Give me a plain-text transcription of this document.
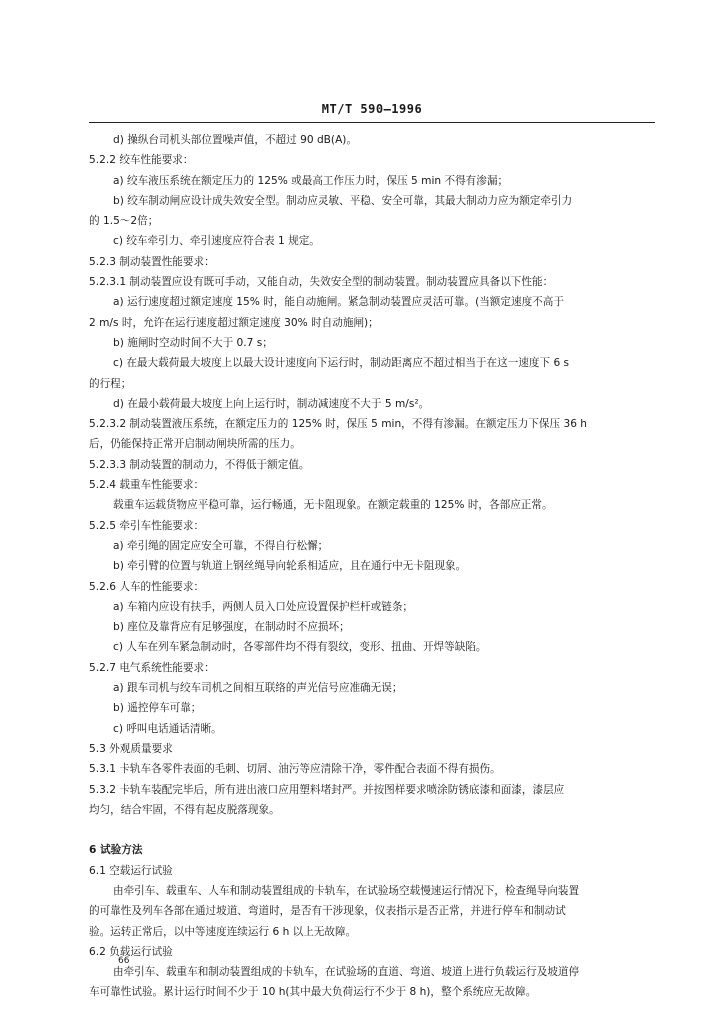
MT/T 590—1996
d) 操纵台司机头部位置噪声值，不超过 90 dB(A)。
5.2.2 绞车性能要求：
a) 绞车液压系统在额定压力的 125% 或最高工作压力时，保压 5 min 不得有渗漏；
b) 绞车制动闸应设计成失效安全型。制动应灵敏、平稳、安全可靠，其最大制动力应为额定牵引力
的 1.5～2倍；
c) 绞车牵引力、牵引速度应符合表 1 规定。
5.2.3 制动装置性能要求：
5.2.3.1 制动装置应设有既可手动，又能自动，失效安全型的制动装置。制动装置应具备以下性能：
a) 运行速度超过额定速度 15% 时，能自动施闸。紧急制动装置应灵活可靠。(当额定速度不高于
2 m/s 时，允许在运行速度超过额定速度 30% 时自动施闸)；
b) 施闸时空动时间不大于 0.7 s；
c) 在最大载荷最大坡度上以最大设计速度向下运行时，制动距离应不超过相当于在这一速度下 6 s
的行程；
d) 在最小载荷最大坡度上向上运行时，制动减速度不大于 5 m/s²。
5.2.3.2 制动装置液压系统，在额定压力的 125% 时，保压 5 min，不得有渗漏。在额定压力下保压 36 h
后，仍能保持正常开启制动闸块所需的压力。
5.2.3.3 制动装置的制动力，不得低于额定值。
5.2.4 载重车性能要求：
载重车运载货物应平稳可靠，运行畅通，无卡阻现象。在额定载重的 125% 时，各部应正常。
5.2.5 牵引车性能要求：
a) 牵引绳的固定应安全可靠，不得自行松懈；
b) 牵引臂的位置与轨道上钢丝绳导向轮系相适应，且在通行中无卡阻现象。
5.2.6 人车的性能要求：
a) 车箱内应设有扶手，两侧人员入口处应设置保护栏杆或链条；
b) 座位及靠背应有足够强度，在制动时不应损坏；
c) 人车在列车紧急制动时，各零部件均不得有裂纹，变形、扭曲、开焊等缺陷。
5.2.7 电气系统性能要求：
a) 跟车司机与绞车司机之间相互联络的声光信号应准确无误；
b) 遥控停车可靠；
c) 呼叫电话通话清晰。
5.3 外观质量要求
5.3.1 卡轨车各零件表面的毛刺、切屑、油污等应清除干净，零件配合表面不得有损伤。
5.3.2 卡轨车装配完毕后，所有进出液口应用塑料堵封严。并按图样要求喷涂防锈底漆和面漆，漆层应
均匀，结合牢固，不得有起皮脱落现象。
6 试验方法
6.1 空载运行试验
由牵引车、载重车、人车和制动装置组成的卡轨车，在试验场空载慢速运行情况下，检查绳导向装置
的可靠性及列车各部在通过坡道、弯道时，是否有干涉现象，仪表指示是否正常，并进行停车和制动试
验。运转正常后，以中等速度连续运行 6 h 以上无故障。
6.2 负载运行试验
由牵引车、载重车和制动装置组成的卡轨车，在试验场的直道、弯道、坡道上进行负载运行及坡道停
车可靠性试验。累计运行时间不少于 10 h(其中最大负荷运行不少于 8 h)，整个系统应无故障。
66
